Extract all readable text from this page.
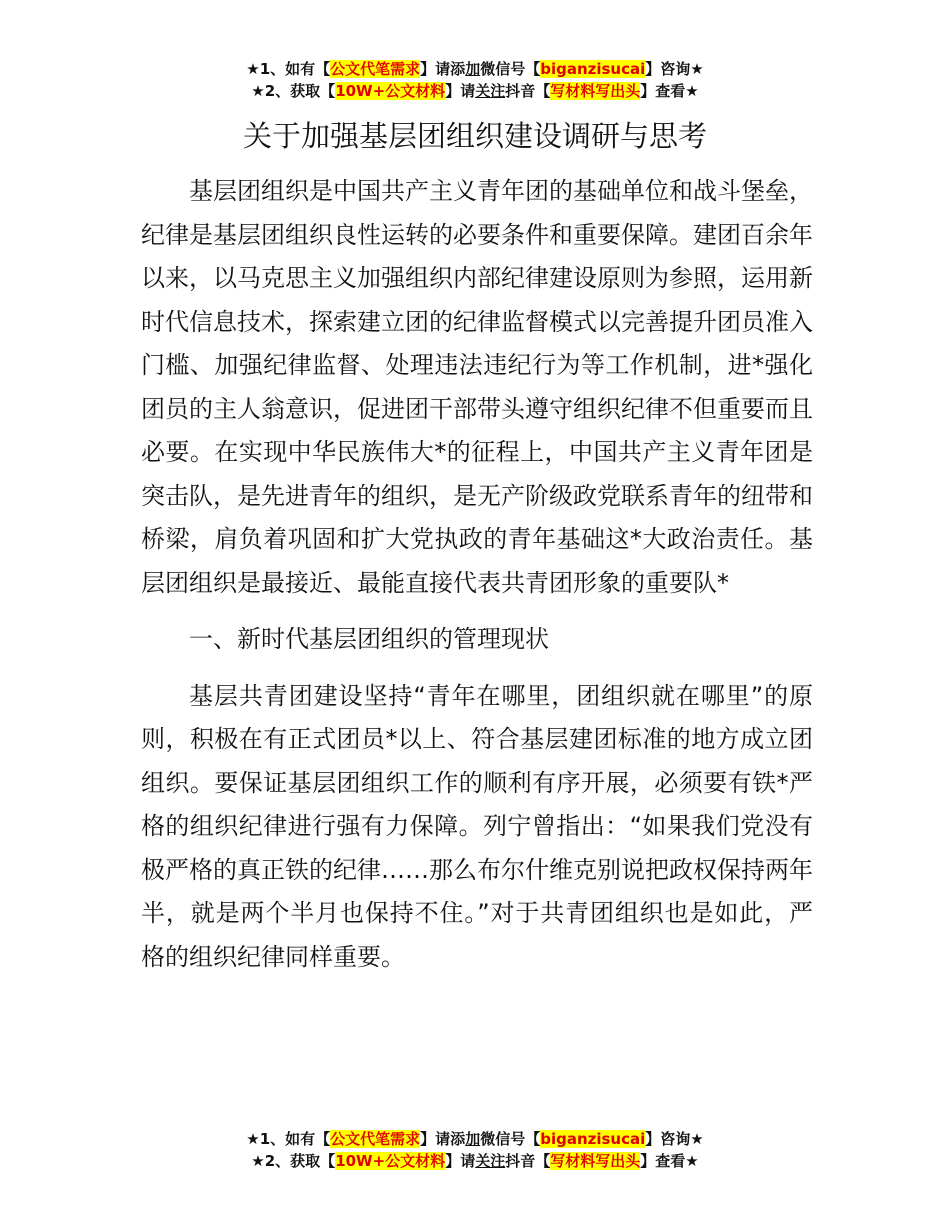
★1、如有【公文代笔需求】请添加微信号【biganzisucai】咨询★
★2、获取【10W+公文材料】请关注抖音【写材料写出头】查看★
关于加强基层团组织建设调研与思考

基层团组织是中国共产主义青年团的基础单位和战斗堡垒，纪律是基层团组织良性运转的必要条件和重要保障。建团百余年以来，以马克思主义加强组织内部纪律建设原则为参照，运用新时代信息技术，探索建立团的纪律监督模式以完善提升团员准入门槛、加强纪律监督、处理违法违纪行为等工作机制，进*强化团员的主人翁意识，促进团干部带头遵守组织纪律不但重要而且必要。在实现中华民族伟大*的征程上，中国共产主义青年团是突击队，是先进青年的组织，是无产阶级政党联系青年的纽带和桥梁，肩负着巩固和扩大党执政的青年基础这*大政治责任。基层团组织是最接近、最能直接代表共青团形象的重要队*

一、新时代基层团组织的管理现状

基层共青团建设坚持“青年在哪里，团组织就在哪里”的原则，积极在有正式团员*以上、符合基层建团标准的地方成立团组织。要保证基层团组织工作的顺利有序开展，必须要有铁*严格的组织纪律进行强有力保障。列宁曾指出：“如果我们党没有极严格的真正铁的纪律……那么布尔什维克别说把政权保持两年半，就是两个半月也保持不住。”对于共青团组织也是如此，严格的组织纪律同样重要。

★1、如有【公文代笔需求】请添加微信号【biganzisucai】咨询★
★2、获取【10W+公文材料】请关注抖音【写材料写出头】查看★
